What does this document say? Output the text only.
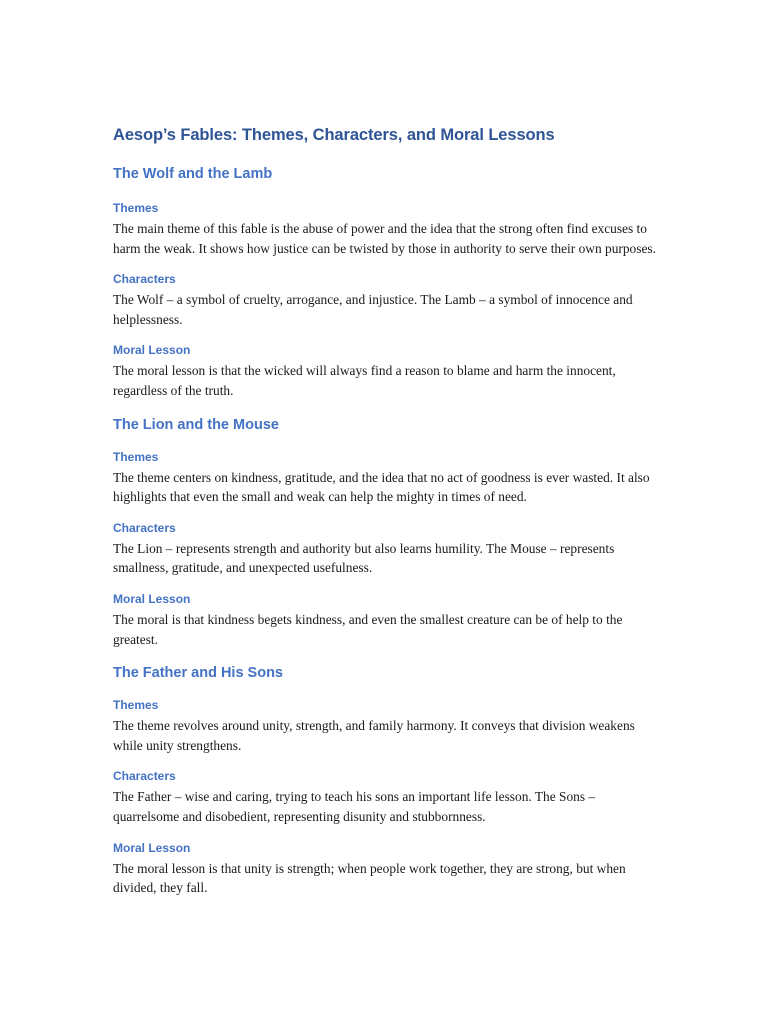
Aesop’s Fables: Themes, Characters, and Moral Lessons
The Wolf and the Lamb
Themes

The main theme of this fable is the abuse of power and the idea that the strong often find excuses to harm the weak. It shows how justice can be twisted by those in authority to serve their own purposes.

Characters

The Wolf – a symbol of cruelty, arrogance, and injustice. The Lamb – a symbol of innocence and helplessness.

Moral Lesson

The moral lesson is that the wicked will always find a reason to blame and harm the innocent, regardless of the truth.

The Lion and the Mouse
Themes

The theme centers on kindness, gratitude, and the idea that no act of goodness is ever wasted. It also highlights that even the small and weak can help the mighty in times of need.

Characters

The Lion – represents strength and authority but also learns humility. The Mouse – represents smallness, gratitude, and unexpected usefulness.

Moral Lesson

The moral is that kindness begets kindness, and even the smallest creature can be of help to the greatest.

The Father and His Sons
Themes

The theme revolves around unity, strength, and family harmony. It conveys that division weakens while unity strengthens.

Characters

The Father – wise and caring, trying to teach his sons an important life lesson. The Sons – quarrelsome and disobedient, representing disunity and stubbornness.

Moral Lesson

The moral lesson is that unity is strength; when people work together, they are strong, but when divided, they fall.
